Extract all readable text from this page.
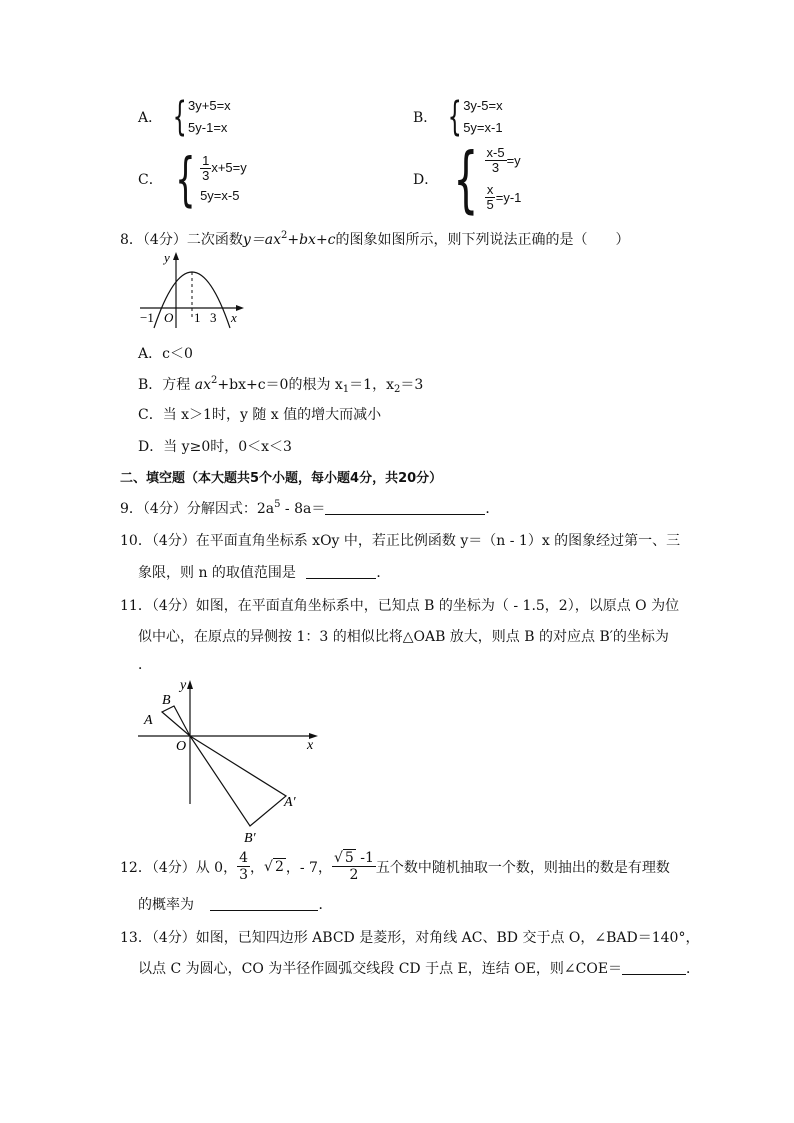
A． { 3y+5=x
5y-1=x
B． { 3y-5=x
5y=x-1
C． { $\frac{1}{3} x+5=y$
5y=x-5
D． { $\frac{x-5}{3} =y$
$\frac{x}{5} =y-1$
8．（4分）二次函数$y=ax^2+bx+c$的图象如图所示，则下列说法正确的是（　　）
y
x
O
−1	1 3
A．c＜0
B．方程 $ax^2+bx+c=0$的根为 $x_1=1$，$x_2=3$
C．当 x＞1时，y 随 x 值的增大而减小
D．当 y≥0时，0＜x＜3
二、填空题（本大题共5个小题，每小题4分，共20分）
9．（4分）分解因式：$2a^5 - 8a=$	．
10．（4分）在平面直角坐标系 xOy 中，若正比例函数 y＝（n - 1）x 的图象经过第一、三
象限，则 n 的取值范围是	．
11．（4分）如图，在平面直角坐标系中，已知点 B 的坐标为（ - 1.5，2），以原点 O 为位
似中心，在原点的异侧按 1：3 的相似比将△OAB 放大，则点 B 的对应点 B′的坐标为
．
y
x
O
B
A
A′
B′
12．（4分）从 0， $\frac{4}{3}$ ， √ 2 ，- 7， $\frac{√ 5 -1}{2}$ 五个数中随机抽取一个数，则抽出的数是有理数
的概率为	．
13．（4分）如图，已知四边形 ABCD 是菱形，对角线 AC、BD 交于点 O，∠BAD＝140°，
以点 C 为圆心，CO 为半径作圆弧交线段 CD 于点 E，连结 OE，则∠COE＝	．
